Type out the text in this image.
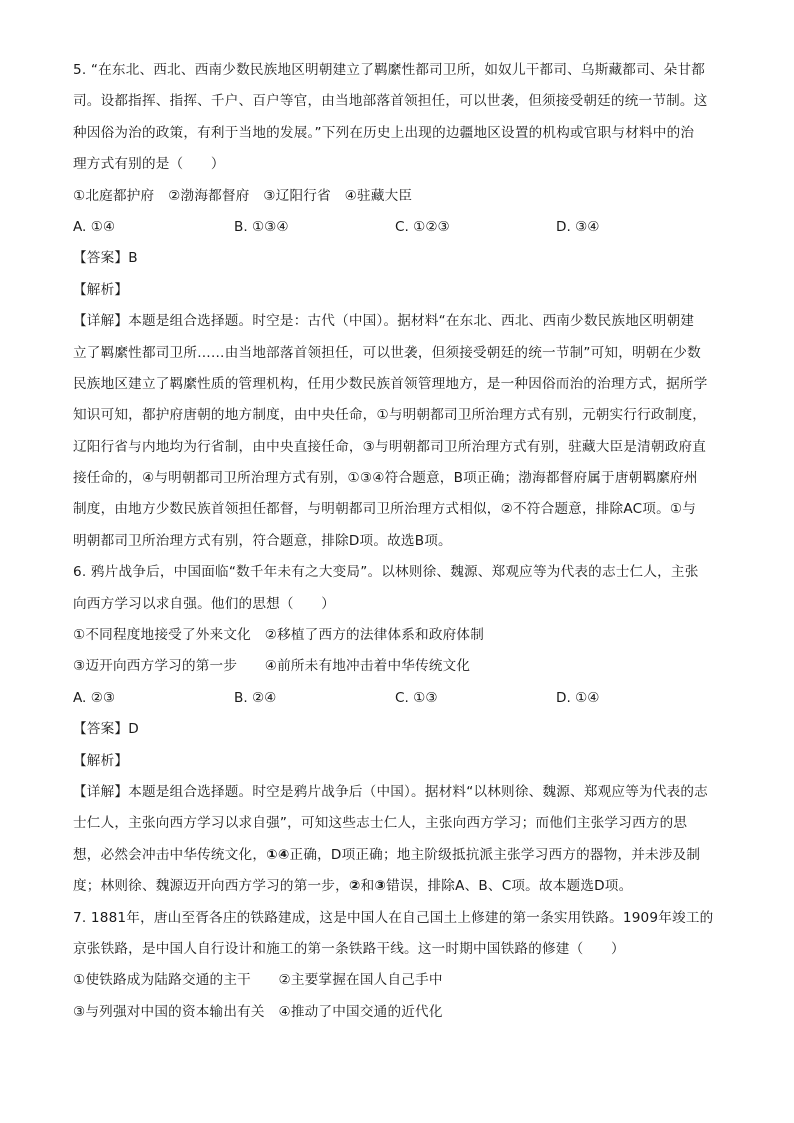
5. “在东北、西北、西南少数民族地区明朝建立了羁縻性都司卫所，如奴儿干都司、乌斯藏都司、朵甘都
司。设都指挥、指挥、千户、百户等官，由当地部落首领担任，可以世袭，但须接受朝廷的统一节制。这
种因俗为治的政策，有利于当地的发展。”下列在历史上出现的边疆地区设置的机构或官职与材料中的治
理方式有别的是（　　）
①北庭都护府　②渤海都督府　③辽阳行省　④驻藏大臣
A. ①④	B. ①③④	C. ①②③	D. ③④
【答案】B
【解析】
【详解】本题是组合选择题。时空是：古代（中国）。据材料“在东北、西北、西南少数民族地区明朝建
立了羁縻性都司卫所……由当地部落首领担任，可以世袭，但须接受朝廷的统一节制”可知，明朝在少数
民族地区建立了羁縻性质的管理机构，任用少数民族首领管理地方，是一种因俗而治的治理方式，据所学
知识可知，都护府唐朝的地方制度，由中央任命，①与明朝都司卫所治理方式有别，元朝实行行政制度，
辽阳行省与内地均为行省制，由中央直接任命，③与明朝都司卫所治理方式有别，驻藏大臣是清朝政府直
接任命的，④与明朝都司卫所治理方式有别，①③④符合题意，B项正确；渤海都督府属于唐朝羁縻府州
制度，由地方少数民族首领担任都督，与明朝都司卫所治理方式相似，②不符合题意，排除AC项。①与
明朝都司卫所治理方式有别，符合题意，排除D项。故选B项。
6. 鸦片战争后，中国面临“数千年未有之大变局”。以林则徐、魏源、郑观应等为代表的志士仁人，主张
向西方学习以求自强。他们的思想（　　）
①不同程度地接受了外来文化　②移植了西方的法律体系和政府体制
③迈开向西方学习的第一步　　④前所未有地冲击着中华传统文化
A. ②③	B. ②④	C. ①③	D. ①④
【答案】D
【解析】
【详解】本题是组合选择题。时空是鸦片战争后（中国）。据材料“以林则徐、魏源、郑观应等为代表的志
士仁人，主张向西方学习以求自强”，可知这些志士仁人，主张向西方学习；而他们主张学习西方的思
想，必然会冲击中华传统文化，①④正确，D项正确；地主阶级抵抗派主张学习西方的器物，并未涉及制
度；林则徐、魏源迈开向西方学习的第一步，②和③错误，排除A、B、C项。故本题选D项。
7. 1881年，唐山至胥各庄的铁路建成，这是中国人在自己国土上修建的第一条实用铁路。1909年竣工的
京张铁路，是中国人自行设计和施工的第一条铁路干线。这一时期中国铁路的修建（　　）
①使铁路成为陆路交通的主干　　②主要掌握在国人自己手中
③与列强对中国的资本输出有关　④推动了中国交通的近代化
